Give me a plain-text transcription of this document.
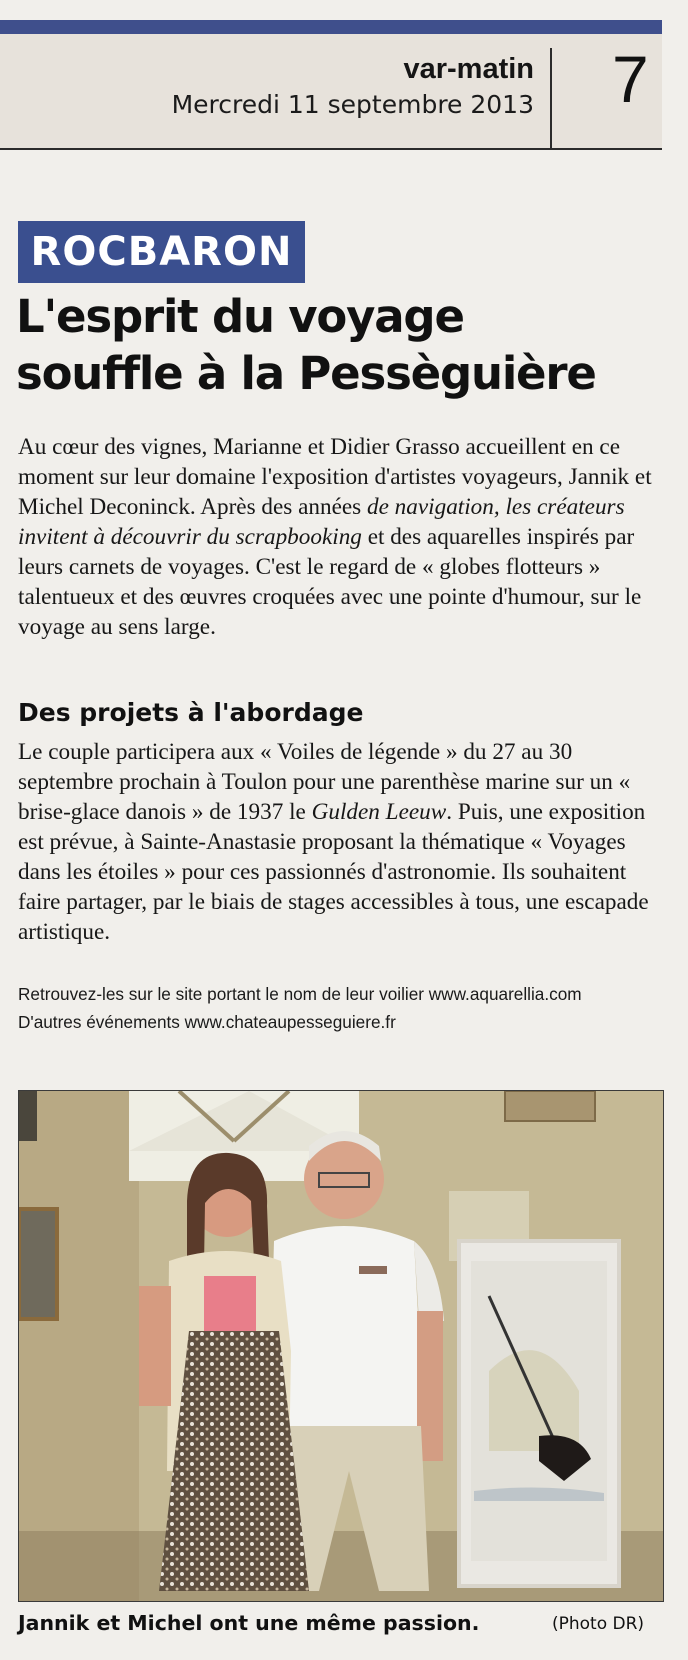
var-matin
Mercredi 11 septembre 2013 7
ROCBARON
L'esprit du voyage
souffle à la Pessèguière

Au cœur des vignes, Marianne et Didier Grasso accueillent en ce moment sur leur domaine l'exposition d'artistes voyageurs, Jannik et Michel Deconinck. Après des années de navigation, les créateurs invitent à découvrir du scrapbooking et des aquarelles inspirés par leurs carnets de voyages. C'est le regard de « globes flotteurs » talentueux et des œuvres croquées avec une pointe d'humour, sur le voyage au sens large.

Des projets à l'abordage

Le couple participera aux « Voiles de légende » du 27 au 30 septembre prochain à Toulon pour une parenthèse marine sur un « brise-glace danois » de 1937 le Gulden Leeuw. Puis, une exposition est prévue, à Sainte-Anastasie proposant la thématique « Voyages dans les étoiles » pour ces passionnés d'astronomie. Ils souhaitent faire partager, par le biais de stages accessibles à tous, une escapade artistique.

Retrouvez-les sur le site portant le nom de leur voilier www.aquarellia.com
D'autres événements www.chateaupesseguiere.fr
Jannik et Michel ont une même passion.	(Photo DR)
